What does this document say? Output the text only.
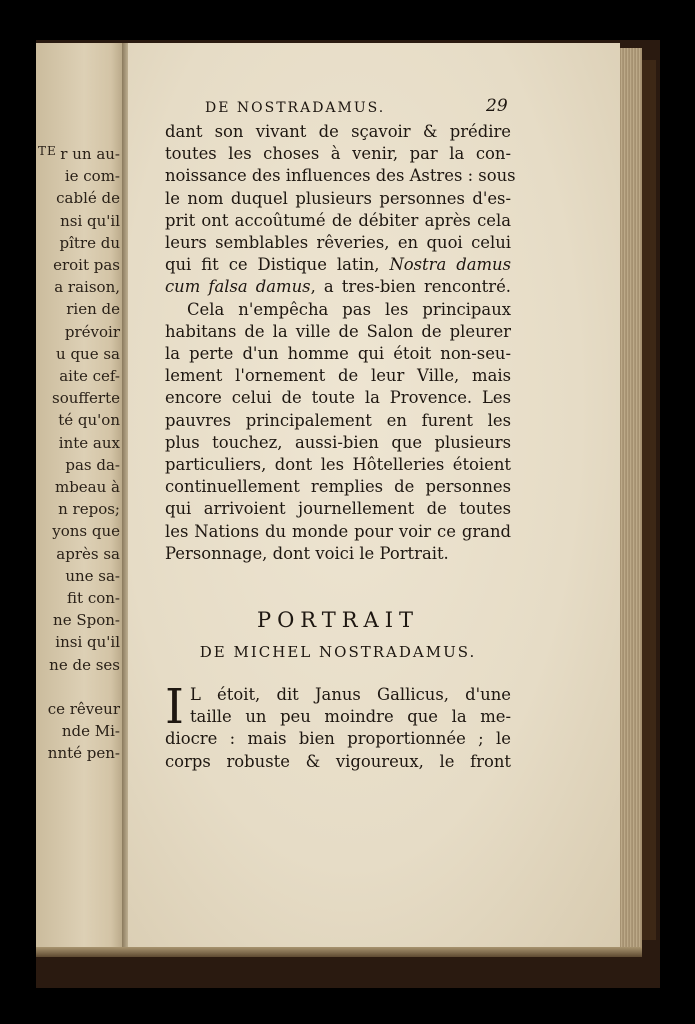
TE r un au-
ie com-
cablé de
nsi qu'il
pître du
eroit pas
a raison,
rien de
prévoir
u que sa
aite cef-
soufferte
té qu'on
inte aux
pas da-
mbeau à
n repos;
yons que
après sa
une sa-
fit con-
ne Spon-
insi qu'il
ne de ses

ce rêveur
nde Mi-
nnté pen-
DE NOSTRADAMUS.	29
dant son vivant de sçavoir & prédire
toutes les choses à venir, par la con-
noissance des influences des Astres : sous
le nom duquel plusieurs personnes d'es-
prit ont accoûtumé de débiter après cela
leurs semblables rêveries, en quoi celui
qui fit ce Distique latin, Nostra damus
cum falsa damus, a tres-bien rencontré.
Cela n'empêcha pas les principaux
habitans de la ville de Salon de pleurer
la perte d'un homme qui étoit non-seu-
lement l'ornement de leur Ville, mais
encore celui de toute la Provence. Les
pauvres principalement en furent les
plus touchez, aussi-bien que plusieurs
particuliers, dont les Hôtelleries étoient
continuellement remplies de personnes
qui arrivoient journellement de toutes
les Nations du monde pour voir ce grand
Personnage, dont voici le Portrait.
PORTRAIT
DE MICHEL NOSTRADAMUS.
I L étoit, dit Janus Gallicus, d'une
taille un peu moindre que la me-
diocre : mais bien proportionnée ; le
corps robuste & vigoureux, le front
